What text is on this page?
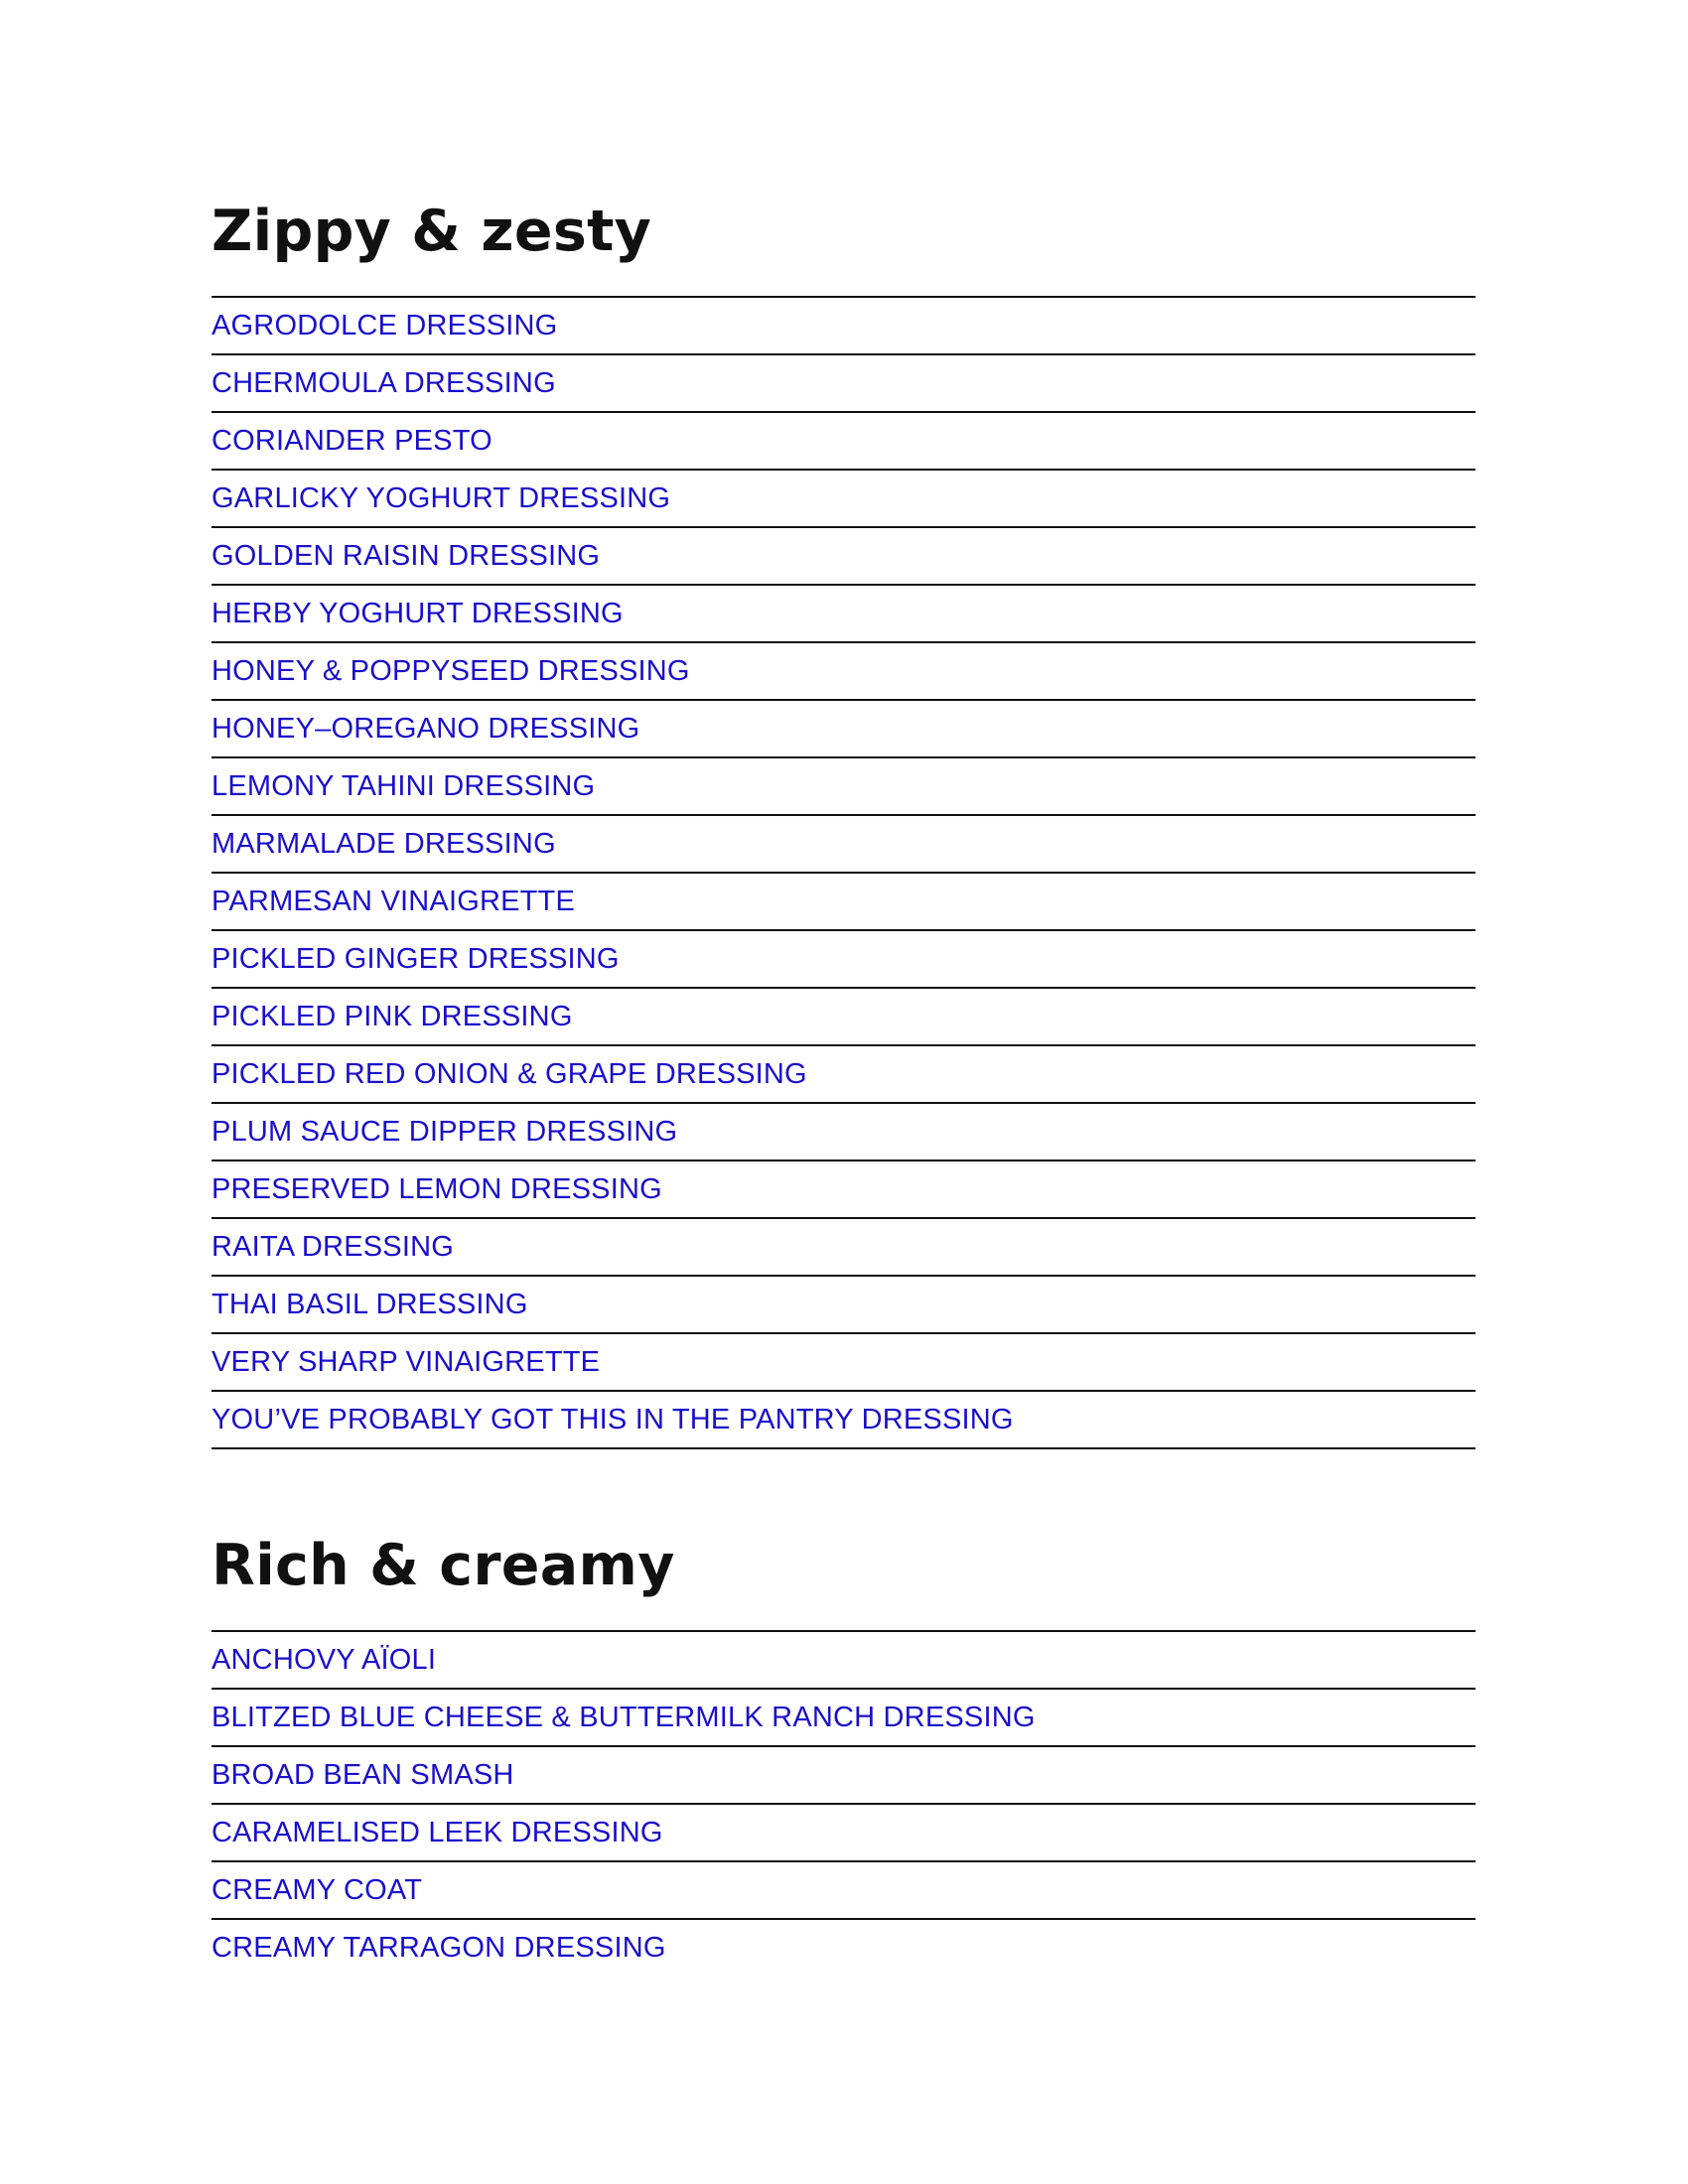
Zippy & zesty
AGRODOLCE DRESSING
CHERMOULA DRESSING
CORIANDER PESTO
GARLICKY YOGHURT DRESSING
GOLDEN RAISIN DRESSING
HERBY YOGHURT DRESSING
HONEY & POPPYSEED DRESSING
HONEY–OREGANO DRESSING
LEMONY TAHINI DRESSING
MARMALADE DRESSING
PARMESAN VINAIGRETTE
PICKLED GINGER DRESSING
PICKLED PINK DRESSING
PICKLED RED ONION & GRAPE DRESSING
PLUM SAUCE DIPPER DRESSING
PRESERVED LEMON DRESSING
RAITA DRESSING
THAI BASIL DRESSING
VERY SHARP VINAIGRETTE
YOU’VE PROBABLY GOT THIS IN THE PANTRY DRESSING
Rich & creamy
ANCHOVY AÏOLI
BLITZED BLUE CHEESE & BUTTERMILK RANCH DRESSING
BROAD BEAN SMASH
CARAMELISED LEEK DRESSING
CREAMY COAT
CREAMY TARRAGON DRESSING
